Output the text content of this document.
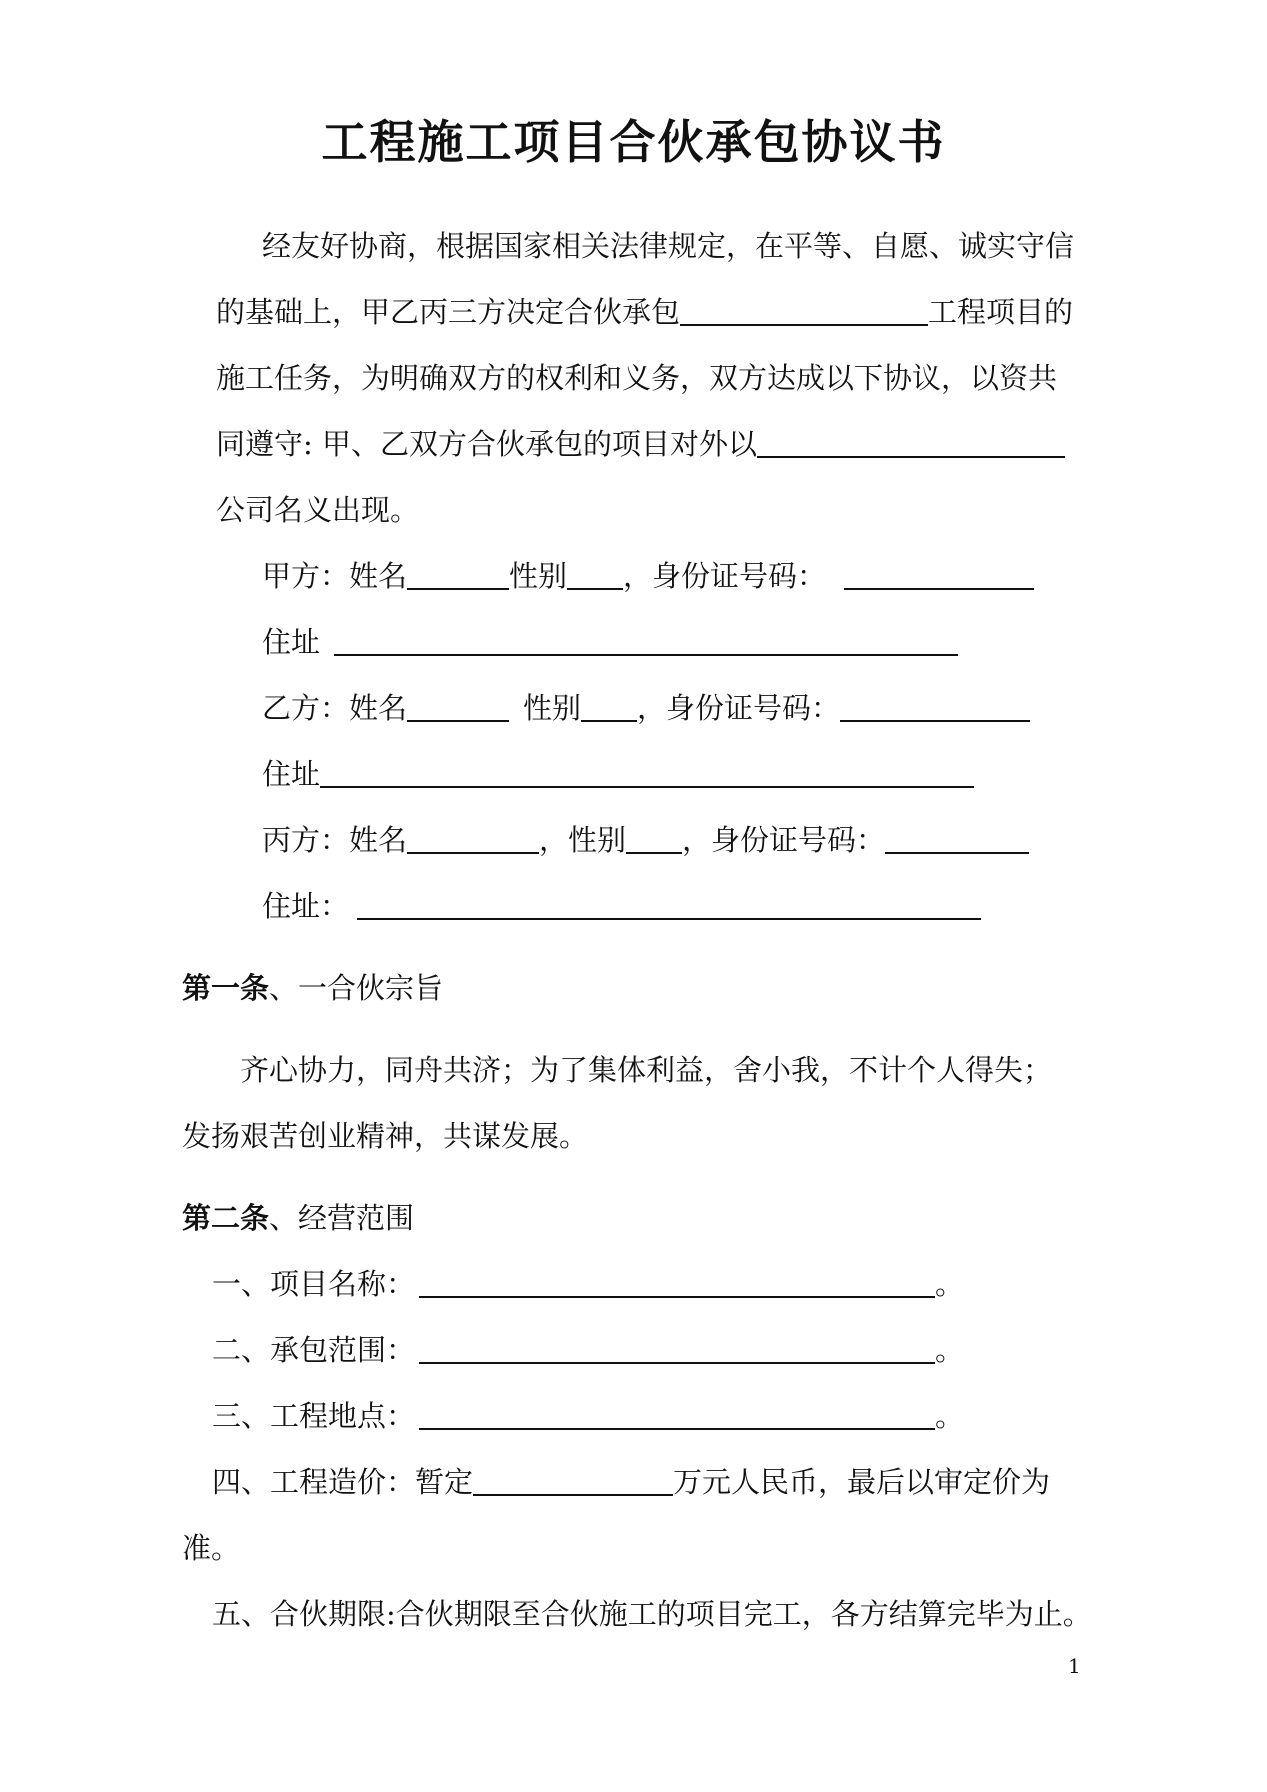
工程施工项目合伙承包协议书
经友好协商，根据国家相关法律规定，在平等、自愿、诚实守信
的基础上，甲乙丙三方决定合伙承包	工程项目的
施工任务，为明确双方的权利和义务，双方达成以下协议，以资共
同遵守: 甲、乙双方合伙承包的项目对外以
公司名义出现。
甲方：姓名	性别 ，身份证号码：
住址
乙方：姓名	性别 ，身份证号码：
住址
丙方：姓名	，性别 ，身份证号码：
住址：
第一条、一合伙宗旨
齐心协力，同舟共济；为了集体利益，舍小我，不计个人得失；
发扬艰苦创业精神，共谋发展。
第二条、经营范围
一、项目名称：	。
二、承包范围：	。
三、工程地点：	。
四、工程造价：暂定	万元人民币，最后以审定价为
准。
五、合伙期限:合伙期限至合伙施工的项目完工，各方结算完毕为止。
1
